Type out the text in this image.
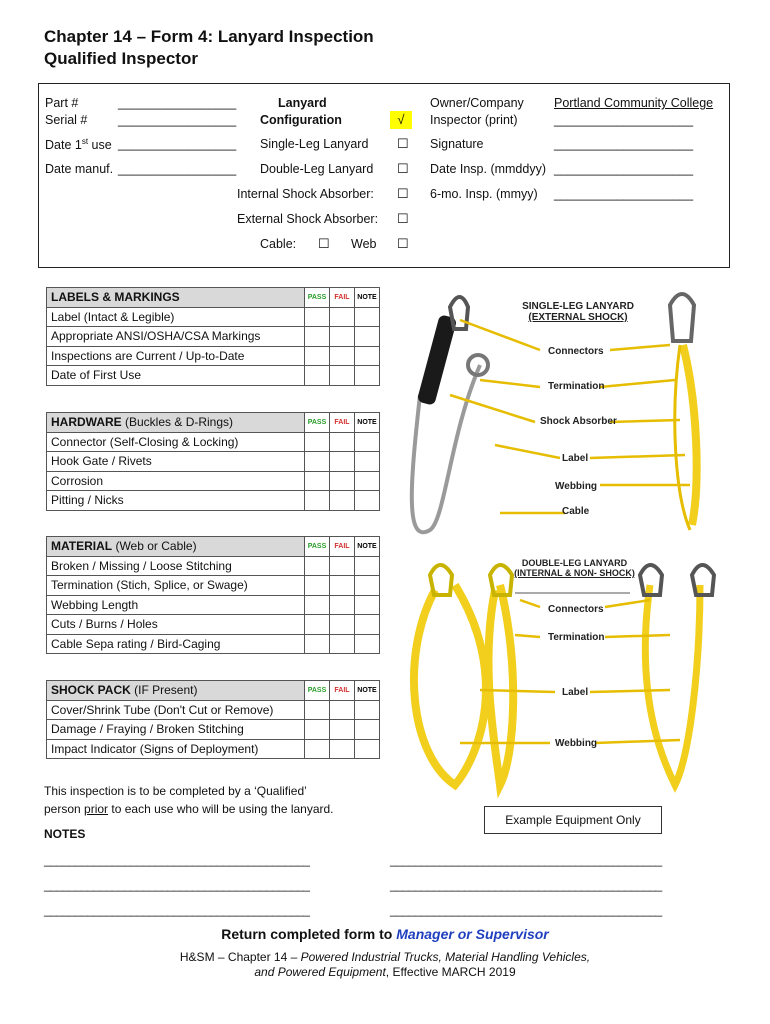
Chapter 14 – Form 4: Lanyard Inspection
Qualified Inspector
Part #	_________________
Serial # _________________
Date 1st use _________________
Date manuf. _________________
Lanyard
Configuration	√
Single-Leg Lanyard ☐
Double-Leg Lanyard ☐
Internal Shock Absorber: ☐
External Shock Absorber: ☐
Cable: ☐ Web ☐
Owner/Company Portland Community College
Inspector (print)	____________________
Signature	____________________
Date Insp. (mmddyy) ____________________
6-mo. Insp. (mmyy) ____________________
LABELS & MARKINGS	PASS	FAIL	NOTE
Label (Intact & Legible)			
Appropriate ANSI/OSHA/CSA Markings			
Inspections are Current / Up-to-Date			
Date of First Use			
HARDWARE (Buckles & D-Rings)	PASS	FAIL	NOTE
Connector (Self-Closing & Locking)			
Hook Gate / Rivets			
Corrosion			
Pitting / Nicks			
MATERIAL (Web or Cable)	PASS	FAIL	NOTE
Broken / Missing / Loose Stitching			
Termination (Stich, Splice, or Swage)			
Webbing Length			
Cuts / Burns / Holes			
Cable Sepa rating / Bird-Caging			
SHOCK PACK (IF Present)	PASS	FAIL	NOTE
Cover/Shrink Tube (Don't Cut or Remove)			
Damage / Fraying / Broken Stitching			
Impact Indicator (Signs of Deployment)			
SINGLE-LEG LANYARD
(EXTERNAL SHOCK)
Connectors
Termination
Shock Absorber
Label
Webbing
Cable
DOUBLE-LEG LANYARD
(INTERNAL & NON- SHOCK)
Connectors
Termination
Label
Webbing
Example Equipment Only
This inspection is to be completed by a ‘Qualified’
person prior to each use who will be using the lanyard.
NOTES
___________________________________________	____________________________________________
___________________________________________	____________________________________________
___________________________________________	____________________________________________
Return completed form to Manager or Supervisor
H&SM – Chapter 14 – Powered Industrial Trucks, Material Handling Vehicles,
and Powered Equipment, Effective MARCH 2019
